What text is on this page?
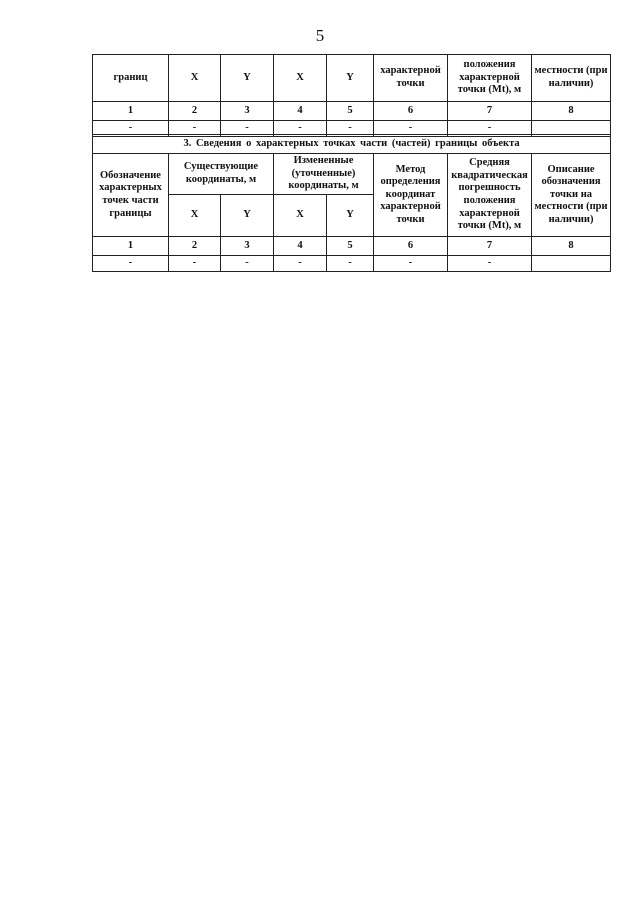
5
границ	X	Y	X	Y	характерной точки	положения характерной точки (Mt), м	местности (при наличии)
1	2	3	4	5	6	7	8
-	-	-	-	-	-	-	
3. Сведения о характерных точках части (частей) границы объекта							
Обозначение характерных точек части границы	Существующие координаты, м		Измененные (уточненные) координаты, м		Метод определения координат характерной точки	Средняя квадратическая погрешность положения характерной точки (Mt), м	Описание обозначения точки на местности (при наличии)
	X	Y	X	Y			
1	2	3	4	5	6	7	8
-	-	-	-	-	-	-	
